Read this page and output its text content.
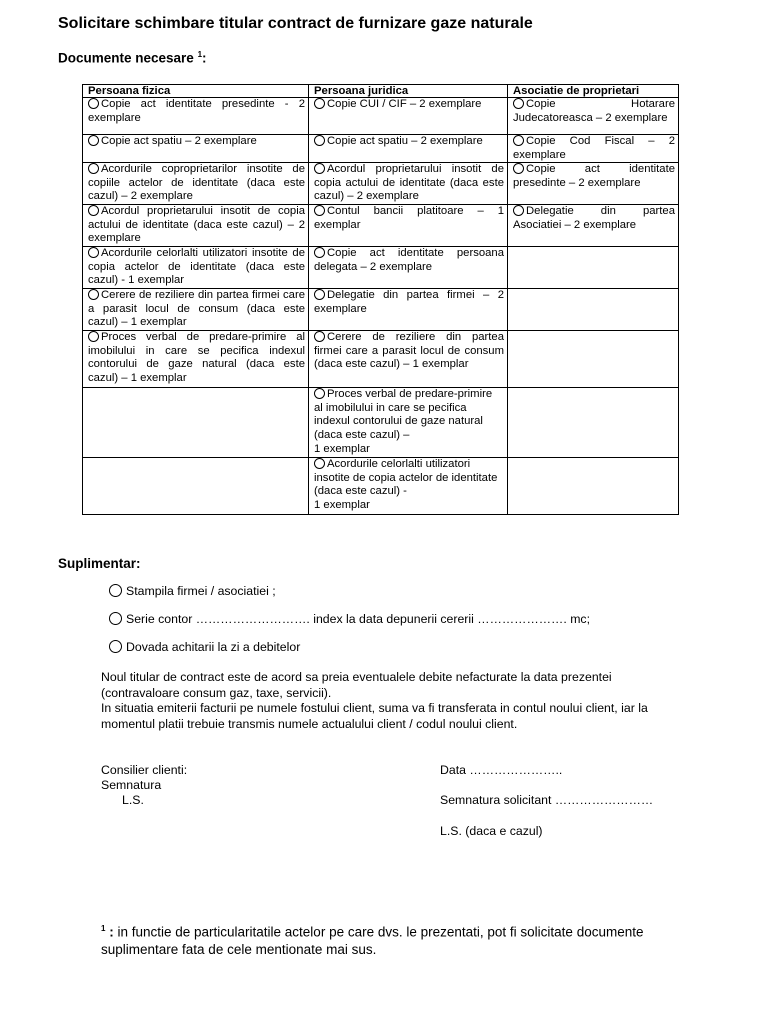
Solicitare schimbare titular contract de furnizare gaze naturale
Documente necesare $^1$:
Persoana fizica	Persoana juridica	Asociatie de proprietari
Copie act identitate presedinte - 2 exemplare	Copie CUI / CIF – 2 exemplare	Copie Hotarare Judecatoreasca – 2 exemplare
Copie act spatiu – 2 exemplare	Copie act spatiu – 2 exemplare	Copie Cod Fiscal – 2 exemplare
Acordurile coproprietarilor insotite de copiile actelor de identitate (daca este cazul) – 2 exemplare	Acordul proprietarului insotit de copia actului de identitate (daca este cazul) – 2 exemplare	Copie act identitate presedinte – 2 exemplare
Acordul proprietarului insotit de copia actului de identitate (daca este cazul) – 2 exemplare	Contul bancii platitoare – 1 exemplar	Delegatie din partea Asociatiei – 2 exemplare
Acordurile celorlalti utilizatori insotite de copia actelor de identitate (daca este cazul) - 1 exemplar	Copie act identitate persoana delegata – 2 exemplare	
Cerere de reziliere din partea firmei care a parasit locul de consum (daca este cazul) – 1 exemplar	Delegatie din partea firmei – 2 exemplare	
Proces verbal de predare-primire al imobilului in care se pecifica indexul contorului de gaze natural (daca este cazul) – 1 exemplar	Cerere de reziliere din partea firmei care a parasit locul de consum (daca este cazul) – 1 exemplar	
	Proces verbal de predare-primire al imobilului in care se pecifica indexul contorului de gaze natural (daca este cazul) –
1 exemplar	
	Acordurile celorlalti utilizatori insotite de copia actelor de identitate (daca este cazul) -
1 exemplar	
Suplimentar:
Stampila firmei / asociatiei ;
Serie contor ………………………. index la data depunerii cererii …………………. mc;
Dovada achitarii la zi a debitelor
Noul titular de contract este de acord sa preia eventualele debite nefacturate la data prezentei (contravaloare consum gaz, taxe, servicii).
In situatia emiterii facturii pe numele fostului client, suma va fi transferata in contul noului client, iar la momentul platii trebuie transmis numele actualului client / codul noului client.
Consilier clienti:
Semnatura
L.S.
Data …………………..
Semnatura solicitant ……………………
L.S. (daca e cazul)
$^1$ : in functie de particularitatile actelor pe care dvs. le prezentati, pot fi solicitate documente suplimentare fata de cele mentionate mai sus.
